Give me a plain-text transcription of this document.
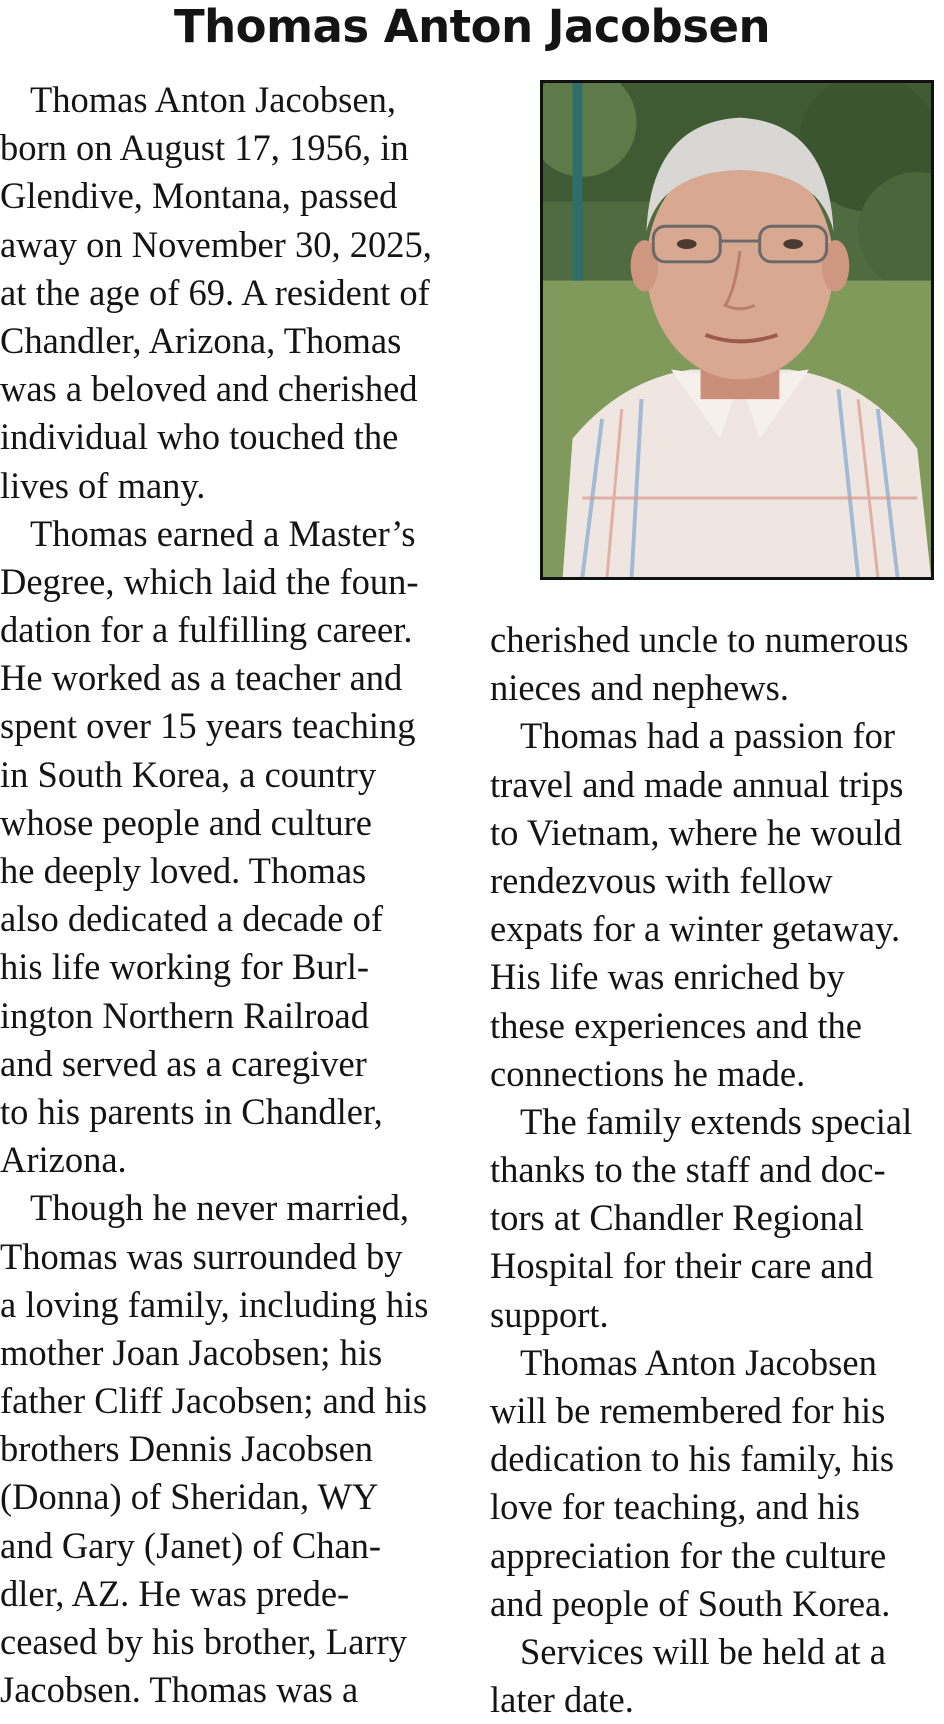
Thomas Anton Jacobsen
Thomas Anton Jacobsen,
born on August 17, 1956, in
Glendive, Montana, passed
away on November 30, 2025,
at the age of 69. A resident of
Chandler, Arizona, Thomas
was a beloved and cherished
individual who touched the
lives of many.
Thomas earned a Master’s
Degree, which laid the foun-
dation for a fulfilling career.
He worked as a teacher and
spent over 15 years teaching
in South Korea, a country
whose people and culture
he deeply loved. Thomas
also dedicated a decade of
his life working for Burl-
ington Northern Railroad
and served as a caregiver
to his parents in Chandler,
Arizona.
Though he never married,
Thomas was surrounded by
a loving family, including his
mother Joan Jacobsen; his
father Cliff Jacobsen; and his
brothers Dennis Jacobsen
(Donna) of Sheridan, WY
and Gary (Janet) of Chan-
dler, AZ. He was prede-
ceased by his brother, Larry
Jacobsen. Thomas was a
cherished uncle to numerous
nieces and nephews.
Thomas had a passion for
travel and made annual trips
to Vietnam, where he would
rendezvous with fellow
expats for a winter getaway.
His life was enriched by
these experiences and the
connections he made.
The family extends special
thanks to the staff and doc-
tors at Chandler Regional
Hospital for their care and
support.
Thomas Anton Jacobsen
will be remembered for his
dedication to his family, his
love for teaching, and his
appreciation for the culture
and people of South Korea.
Services will be held at a
later date.
